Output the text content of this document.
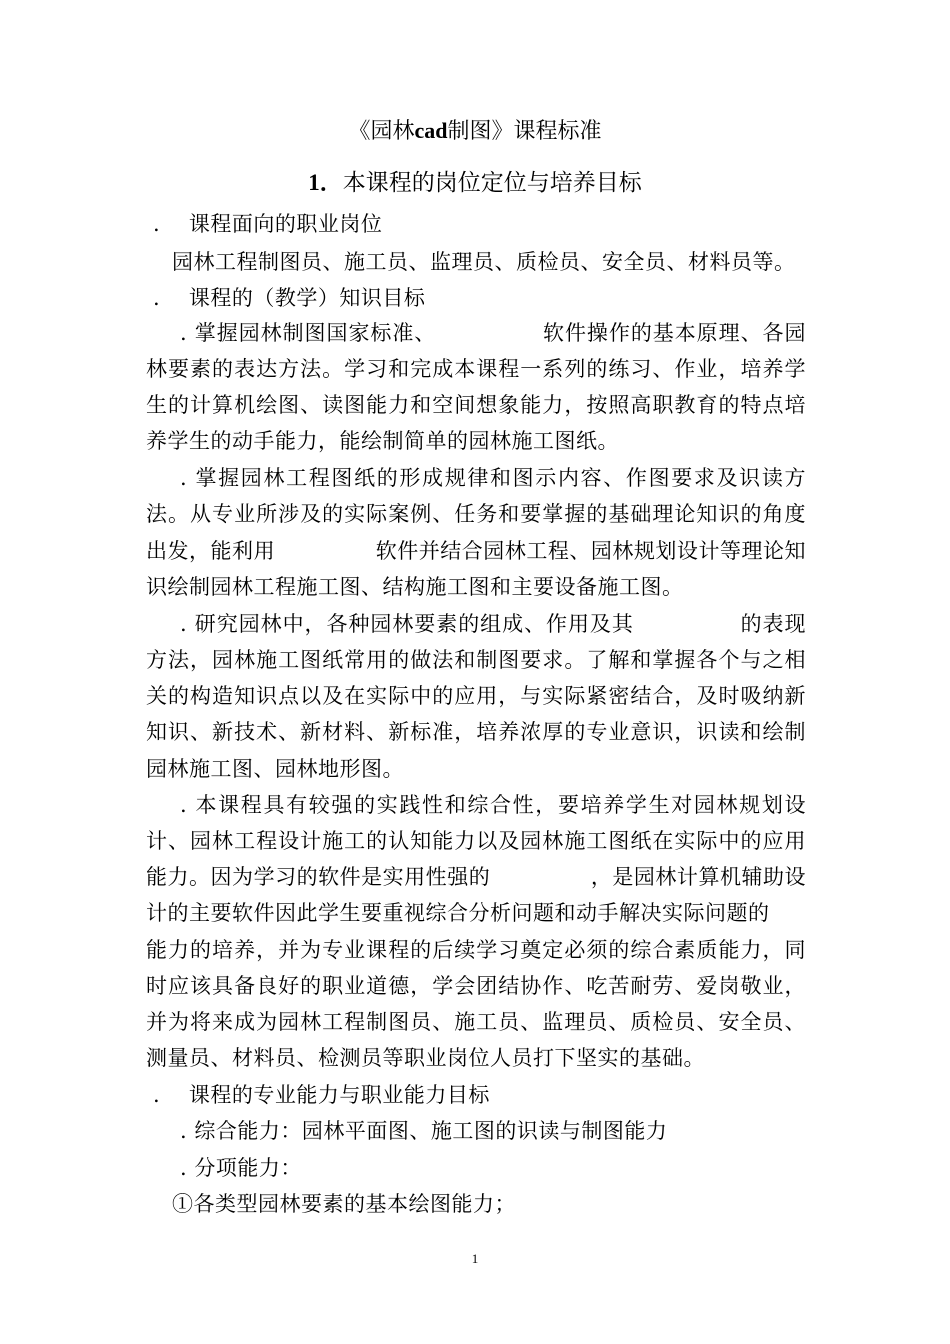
《园林cad制图》课程标准
1．本课程的岗位定位与培养目标
.    课程面向的职业岗位
园林工程制图员、施工员、监理员、质检员、安全员、材料员等。
.    课程的（教学）知识目标
. 掌握园林制图国家标准、              软件操作的基本原理、各园
林要素的表达方法。学习和完成本课程一系列的练习、作业，培养学
生的计算机绘图、读图能力和空间想象能力，按照高职教育的特点培
养学生的动手能力，能绘制简单的园林施工图纸。
. 掌握园林工程图纸的形成规律和图示内容、作图要求及识读方
法。从专业所涉及的实际案例、任务和要掌握的基础理论知识的角度
出发，能利用              软件并结合园林工程、园林规划设计等理论知
识绘制园林工程施工图、结构施工图和主要设备施工图。
. 研究园林中，各种园林要素的组成、作用及其              的表现
方法，园林施工图纸常用的做法和制图要求。了解和掌握各个与之相
关的构造知识点以及在实际中的应用，与实际紧密结合，及时吸纳新
知识、新技术、新材料、新标准，培养浓厚的专业意识，识读和绘制
园林施工图、园林地形图。
. 本课程具有较强的实践性和综合性，要培养学生对园林规划设
计、园林工程设计施工的认知能力以及园林施工图纸在实际中的应用
能力。因为学习的软件是实用性强的              ，是园林计算机辅助设
计的主要软件因此学生要重视综合分析问题和动手解决实际问题的
能力的培养，并为专业课程的后续学习奠定必须的综合素质能力，同
时应该具备良好的职业道德，学会团结协作、吃苦耐劳、爱岗敬业，
并为将来成为园林工程制图员、施工员、监理员、质检员、安全员、
测量员、材料员、检测员等职业岗位人员打下坚实的基础。
.    课程的专业能力与职业能力目标
. 综合能力：园林平面图、施工图的识读与制图能力
. 分项能力：
①各类型园林要素的基本绘图能力；
1
